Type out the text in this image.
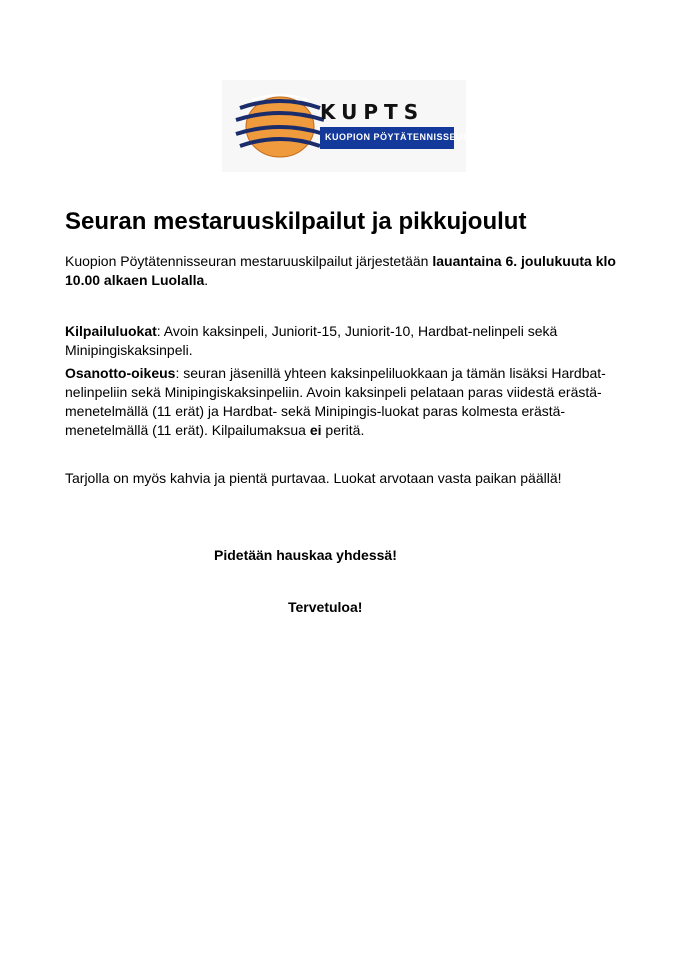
KUPTS
KUOPION PÖYTÄTENNISSEURA
Seuran mestaruuskilpailut ja pikkujoulut

Kuopion Pöytätennisseuran mestaruuskilpailut järjestetään lauantaina 6. joulukuuta klo 10.00 alkaen Luolalla.

Kilpailuluokat: Avoin kaksinpeli, Juniorit-15, Juniorit-10, Hardbat-nelinpeli sekä Minipingiskaksinpeli.

Osanotto-oikeus: seuran jäsenillä yhteen kaksinpeliluokkaan ja tämän lisäksi Hardbat-nelinpeliin sekä Minipingiskaksinpeliin. Avoin kaksinpeli pelataan paras viidestä erästä-menetelmällä (11 erät) ja Hardbat- sekä Minipingis-luokat paras kolmesta erästä-menetelmällä (11 erät). Kilpailumaksua ei peritä.

Tarjolla on myös kahvia ja pientä purtavaa. Luokat arvotaan vasta paikan päällä!

Pidetään hauskaa yhdessä!

Tervetuloa!
